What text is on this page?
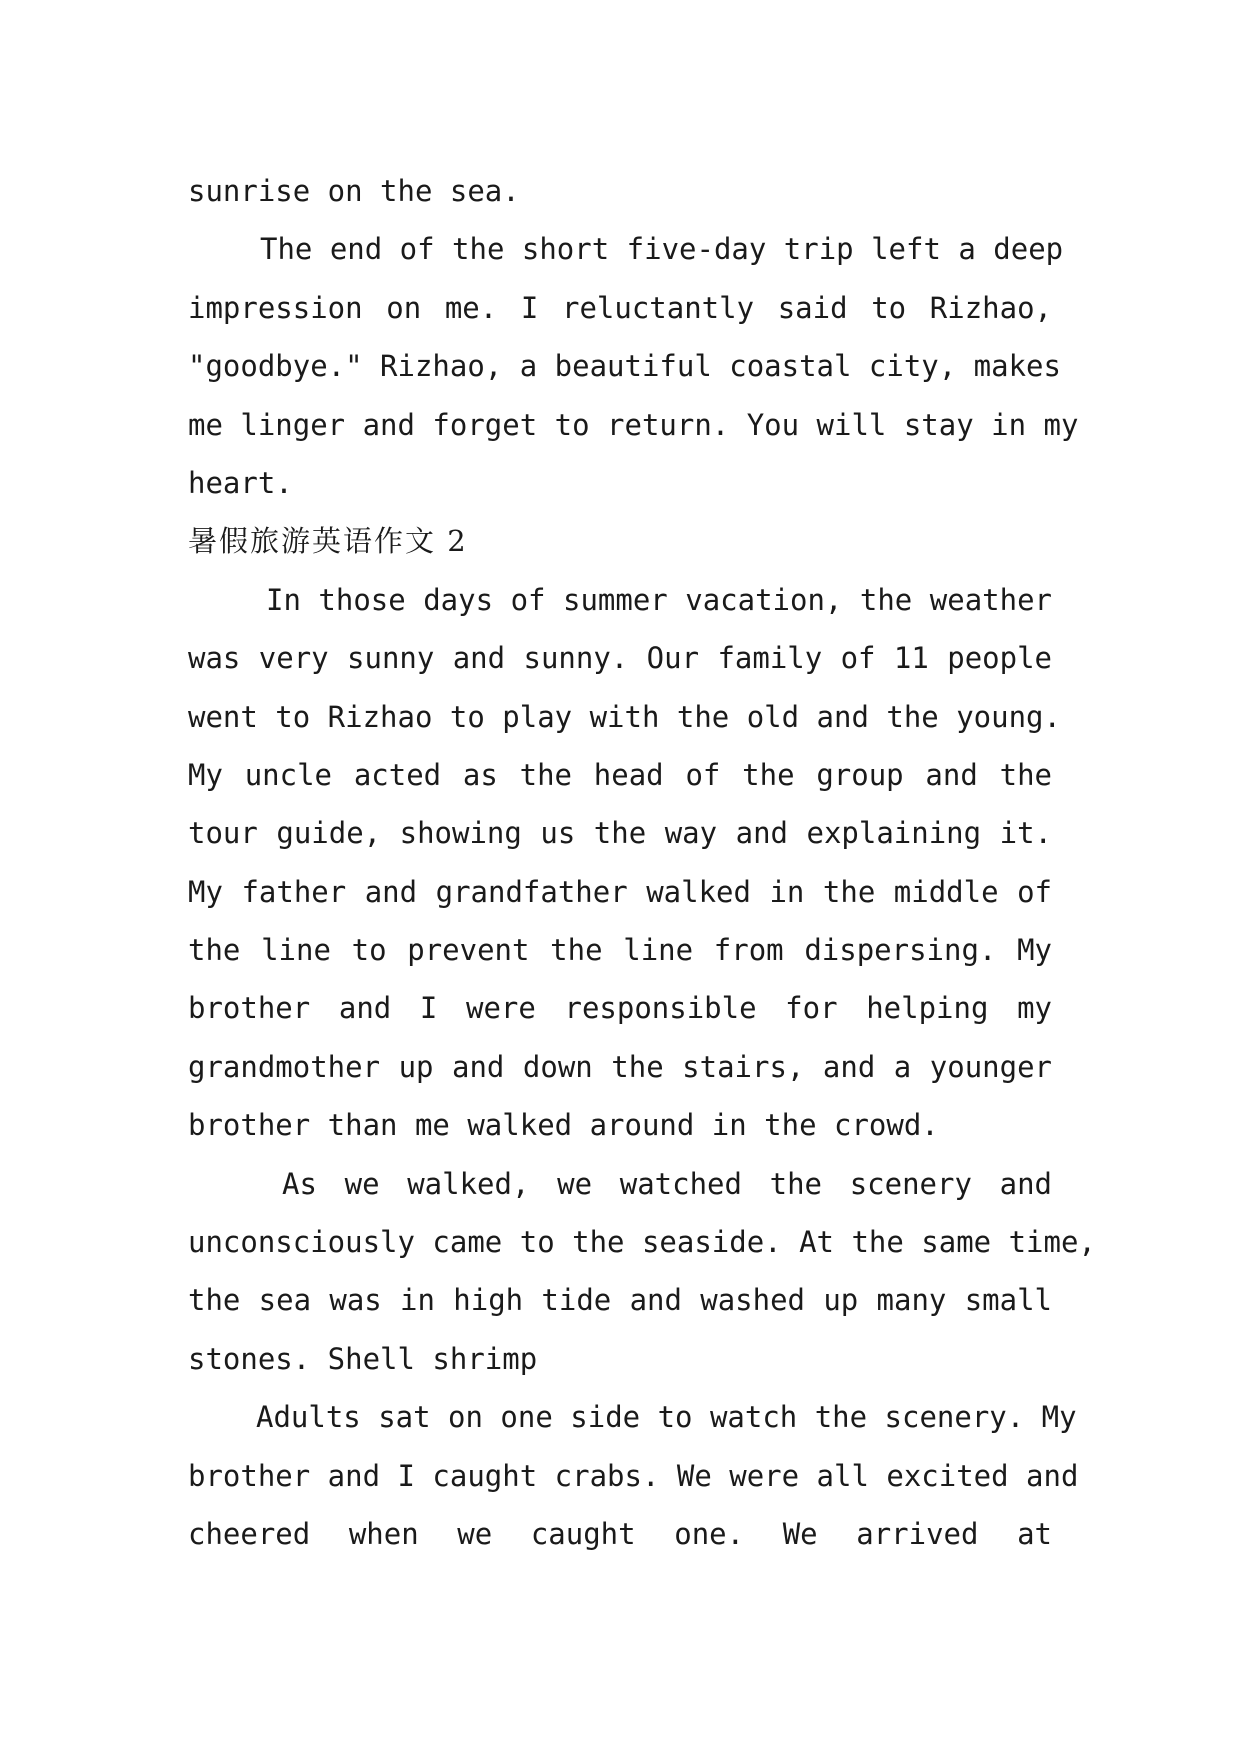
sunrise on the sea.

The end of the short five-day trip left a deep

impression on me. I reluctantly said to Rizhao,

"goodbye." Rizhao, a beautiful coastal city, makes

me linger and forget to return. You will stay in my

heart.

暑假旅游英语作文 2

In those days of summer vacation, the weather

was very sunny and sunny. Our family of 11 people

went to Rizhao to play with the old and the young.

My uncle acted as the head of the group and the

tour guide, showing us the way and explaining it.

My father and grandfather walked in the middle of

the line to prevent the line from dispersing. My

brother and I were responsible for helping my

grandmother up and down the stairs, and a younger

brother than me walked around in the crowd.

As we walked, we watched the scenery and

unconsciously came to the seaside. At the same time,

the sea was in high tide and washed up many small

stones. Shell shrimp

Adults sat on one side to watch the scenery. My

brother and I caught crabs. We were all excited and

cheered when we caught one. We arrived at
